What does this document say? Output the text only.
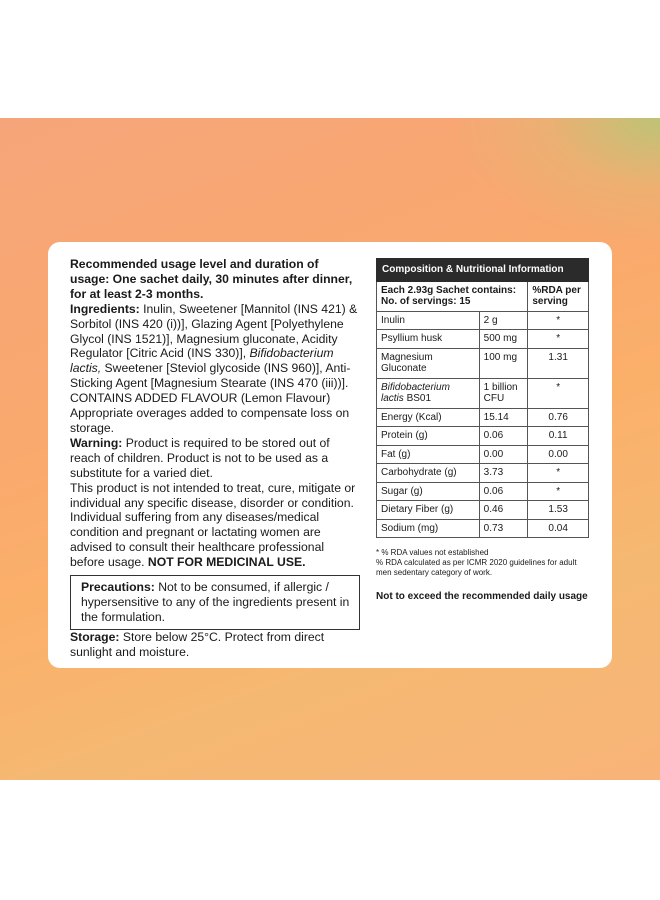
Recommended usage level and duration of usage: One sachet daily, 30 minutes after dinner, for at least 2-3 months.

Ingredients: Inulin, Sweetener [Mannitol (INS 421) & Sorbitol (INS 420 (i))], Glazing Agent [Polyethylene Glycol (INS 1521)], Magnesium gluconate, Acidity Regulator [Citric Acid (INS 330)], Bifidobacterium lactis, Sweetener [Steviol glycoside (INS 960)], Anti-Sticking Agent [Magnesium Stearate (INS 470 (iii))].

CONTAINS ADDED FLAVOUR (Lemon Flavour)

Appropriate overages added to compensate loss on storage.

Warning: Product is required to be stored out of reach of children. Product is not to be used as a substitute for a varied diet.

This product is not intended to treat, cure, mitigate or individual any specific disease, disorder or condition. Individual suffering from any diseases/medical condition and pregnant or lactating women are advised to consult their healthcare professional before usage. NOT FOR MEDICINAL USE.

Precautions: Not to be consumed, if allergic / hypersensitive to any of the ingredients present in the formulation.

Storage: Store below 25°C. Protect from direct sunlight and moisture.

Composition & Nutritional Information		
Each 2.93g Sachet contains: No. of servings: 15		%RDA per serving
Inulin	2 g	*
Psyllium husk	500 mg	*
Magnesium Gluconate	100 mg	1.31
Bifidobacterium lactis BS01	1 billion CFU	*
Energy (Kcal)	15.14	0.76
Protein (g)	0.06	0.11
Fat (g)	0.00	0.00
Carbohydrate (g)	3.73	*
Sugar (g)	0.06	*
Dietary Fiber (g)	0.46	1.53
Sodium (mg)	0.73	0.04

* % RDA values not established

% RDA calculated as per ICMR 2020 guidelines for adult men sedentary category of work.

Not to exceed the recommended daily usage
